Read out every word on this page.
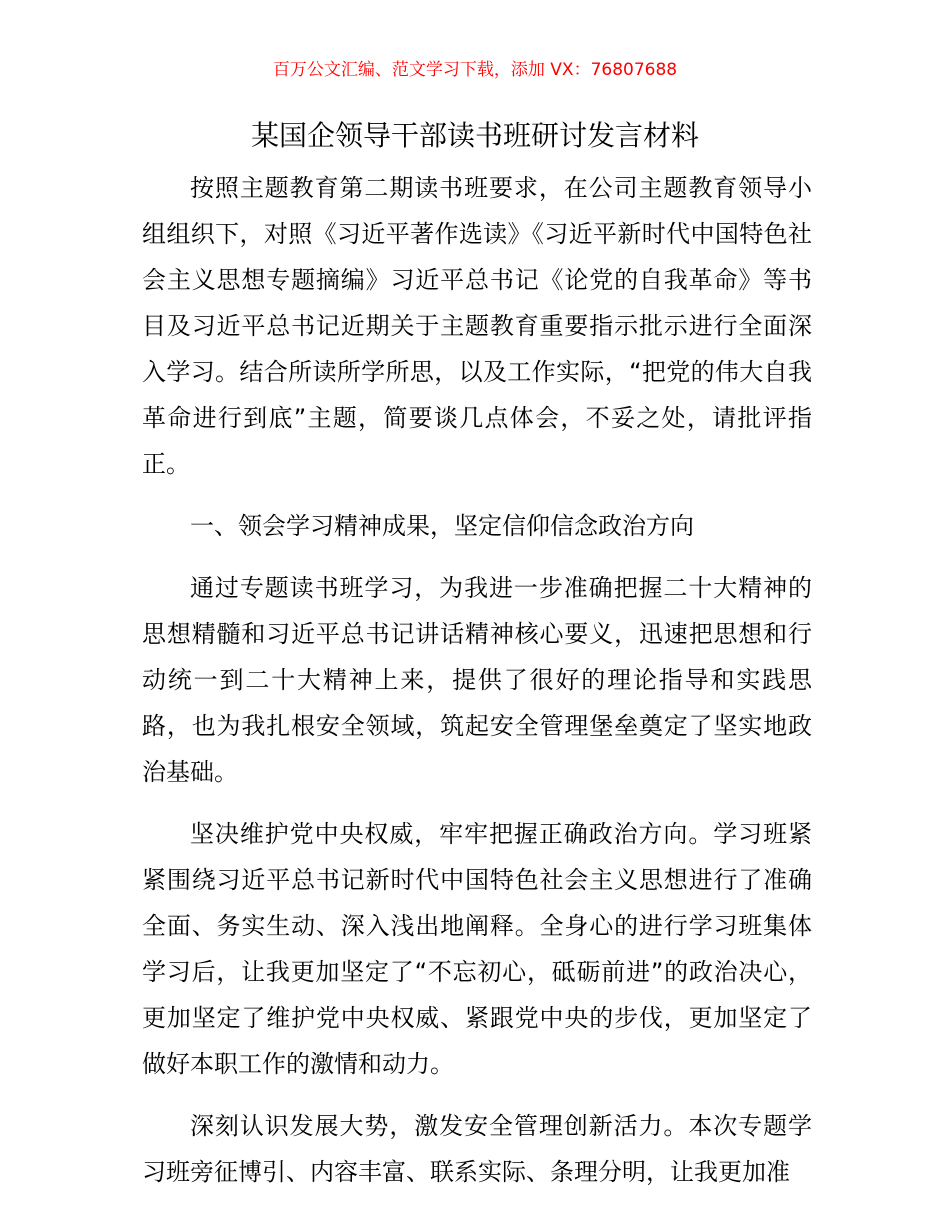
百万公文汇编、范文学习下载，添加 VX：76807688
某国企领导干部读书班研讨发言材料

按照主题教育第二期读书班要求，在公司主题教育领导小组组织下，对照《习近平著作选读》《习近平新时代中国特色社会主义思想专题摘编》习近平总书记《论党的自我革命》等书目及习近平总书记近期关于主题教育重要指示批示进行全面深入学习。结合所读所学所思，以及工作实际，“把党的伟大自我革命进行到底”主题，简要谈几点体会，不妥之处，请批评指正。

一、领会学习精神成果，坚定信仰信念政治方向

通过专题读书班学习，为我进一步准确把握二十大精神的思想精髓和习近平总书记讲话精神核心要义，迅速把思想和行动统一到二十大精神上来，提供了很好的理论指导和实践思路，也为我扎根安全领域，筑起安全管理堡垒奠定了坚实地政治基础。

坚决维护党中央权威，牢牢把握正确政治方向。学习班紧紧围绕习近平总书记新时代中国特色社会主义思想进行了准确全面、务实生动、深入浅出地阐释。全身心的进行学习班集体学习后，让我更加坚定了“不忘初心，砥砺前进”的政治决心，更加坚定了维护党中央权威、紧跟党中央的步伐，更加坚定了做好本职工作的激情和动力。

深刻认识发展大势，激发安全管理创新活力。本次专题学习班旁征博引、内容丰富、联系实际、条理分明，让我更加准
